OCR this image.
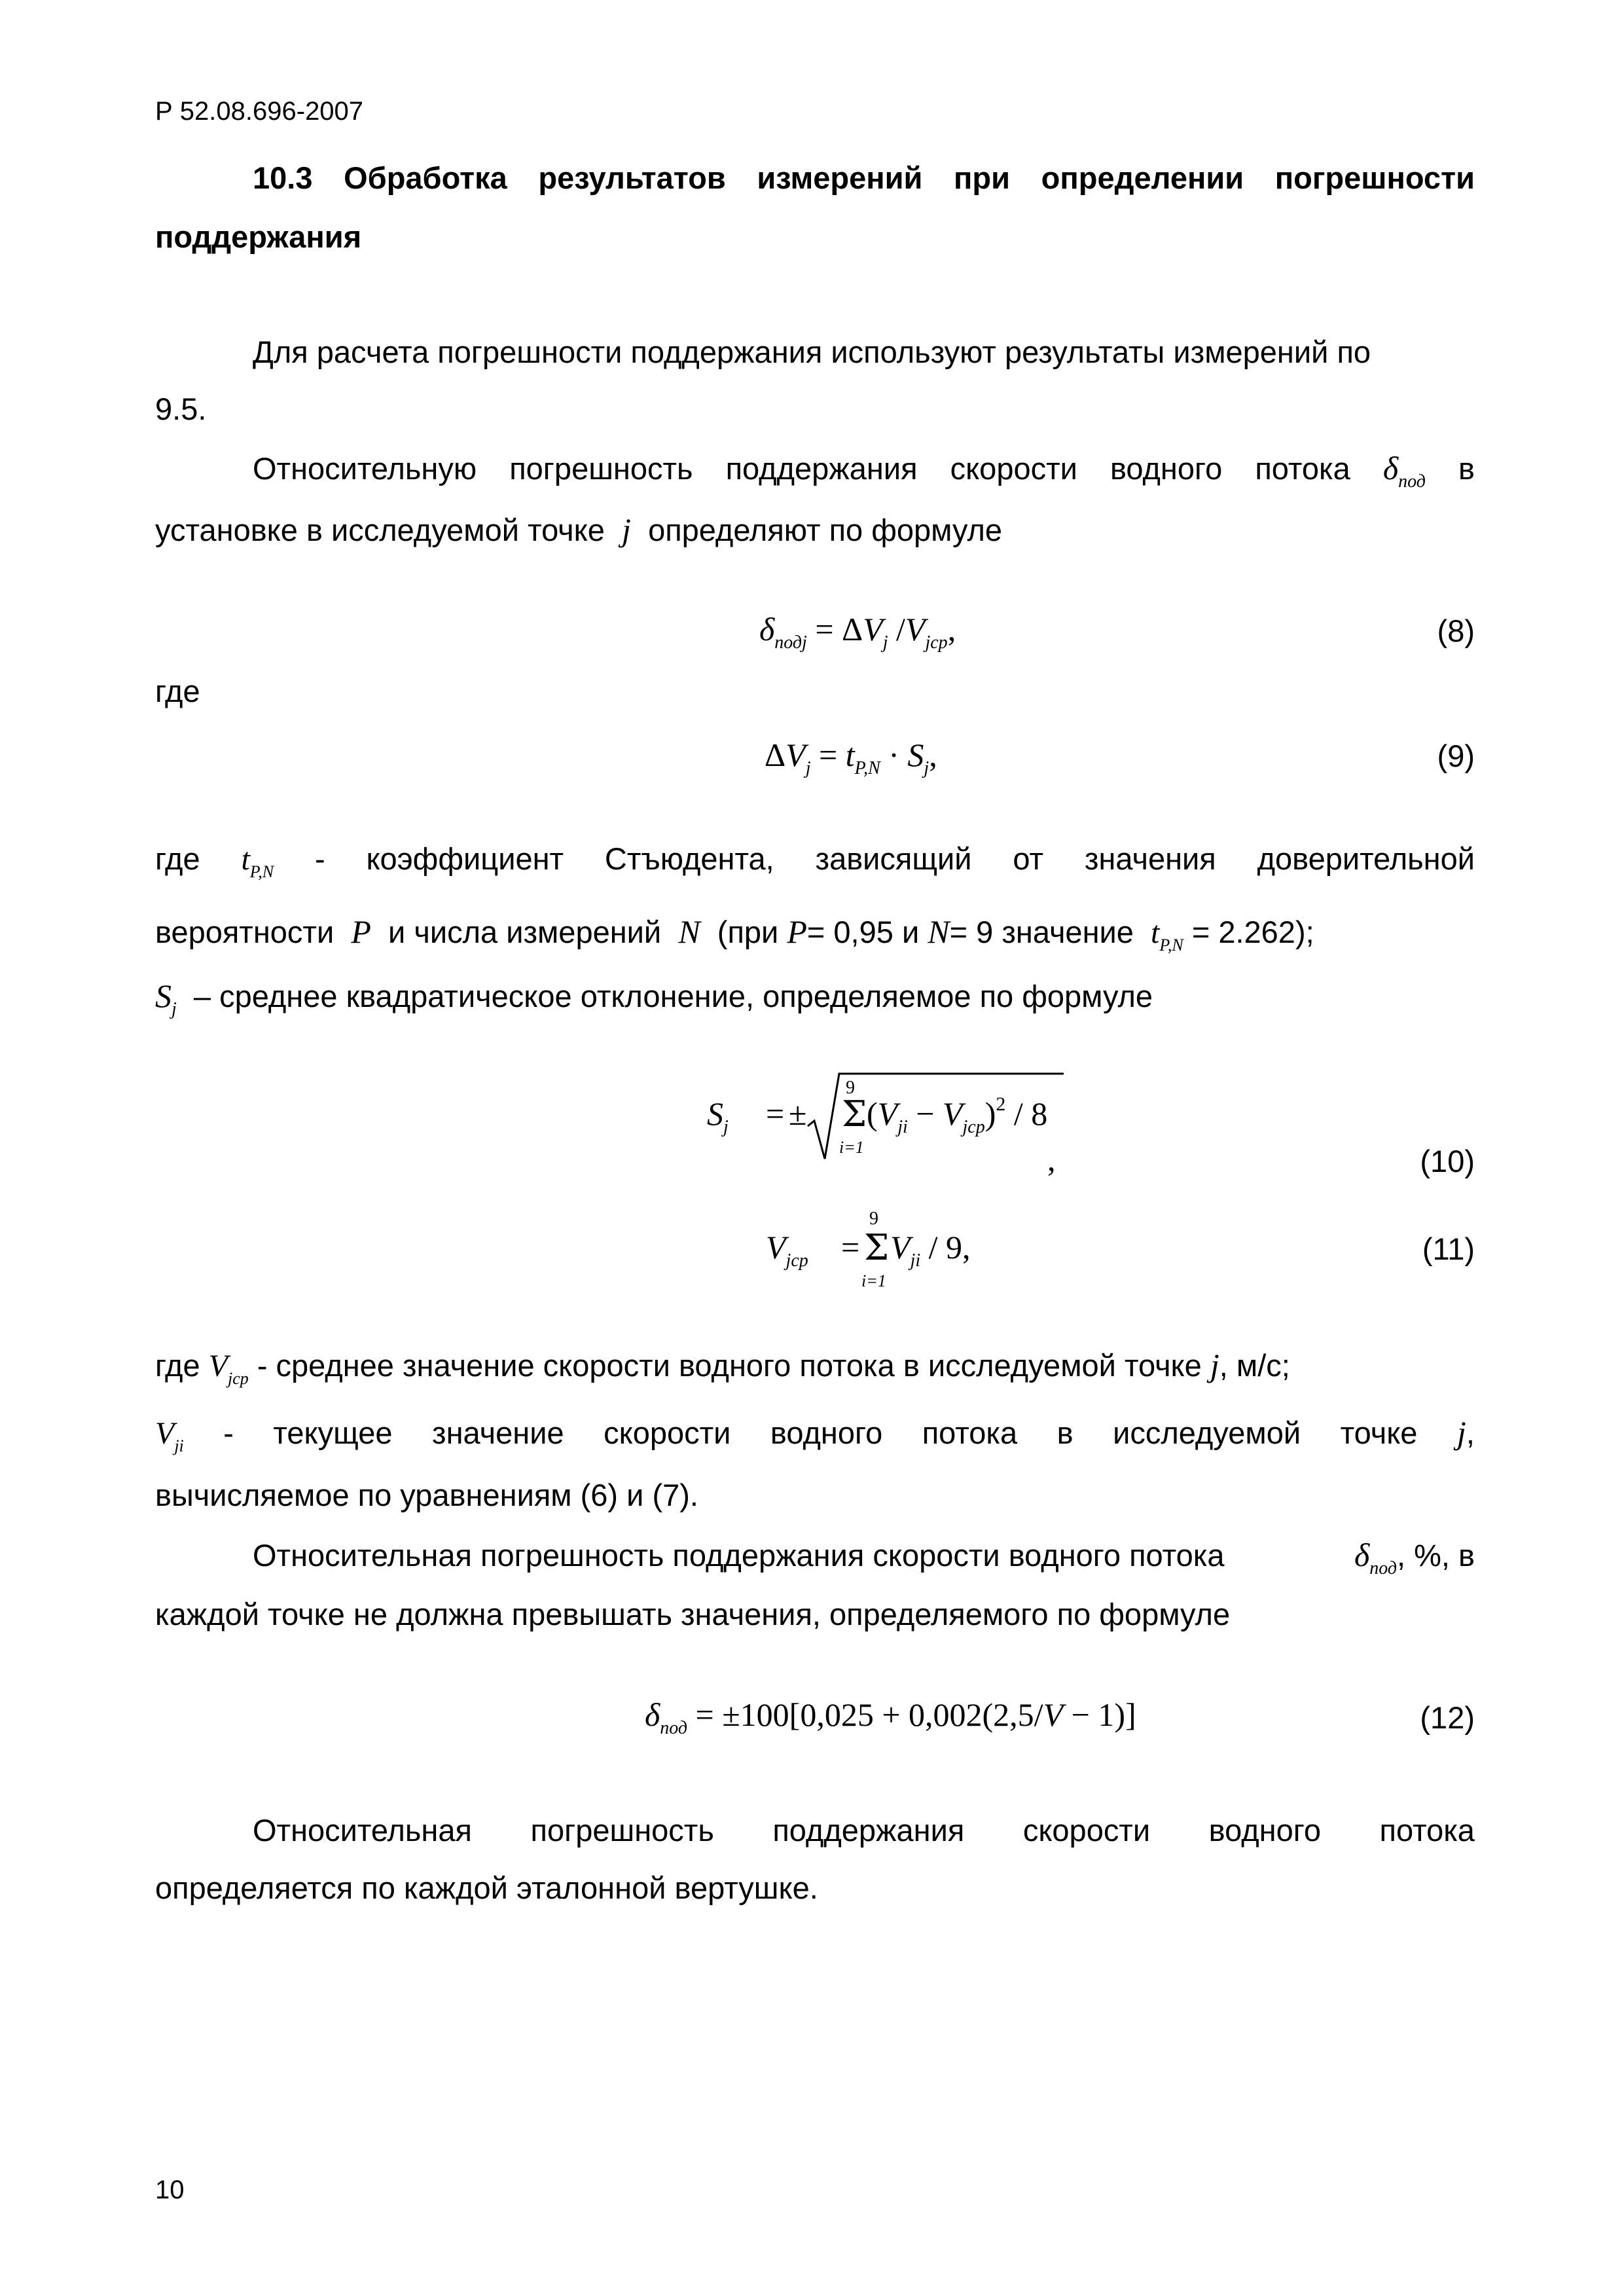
Р 52.08.696-2007
10.3 Обработка результатов измерений при определении погрешности
поддержания
Для расчета погрешности поддержания используют результаты измерений по
9.5.
Относительную погрешность поддержания скорости водного потока $\delta_{под}$ в
установке в исследуемой точке j определяют по формуле
$\delta_{подj} = \Delta V_j$ $/V_{jcp}$,	(8)
где
$\Delta V_j = t_{P,N} \cdot S_j$,	(9)
где $t_{P,N}$ - коэффициент Стъюдента, зависящий от значения доверительной
вероятности P и числа измерений N (при P= 0,95 и N= 9 значение $t_{P,N} = 2.262$);
$S_j$ – среднее квадратическое отклонение, определяемое по формуле
$S_j$ = ± Σ
9
i=1
$(V_{ji} - V_{jcp})^2 / 8$
,	(10)
$V_{jcp}$ =
9
Σ
i=1
$V_{ji} / 9$,	(11)
где $V_{jcp}$ - среднее значение скорости водного потока в исследуемой точке j, м/с;
$V_{ji}$ - текущее значение скорости водного потока в исследуемой точке j,
вычисляемое по уравнениям (6) и (7).
Относительная погрешность поддержания скорости водного потока	$\delta_{под}$, %, в
каждой точке не должна превышать значения, определяемого по формуле
$\delta_{под} = \pm 100[0,025 + 0,002(2,5/V - 1)]$	(12)
Относительная погрешность поддержания скорости водного потока
определяется по каждой эталонной вертушке.
10
